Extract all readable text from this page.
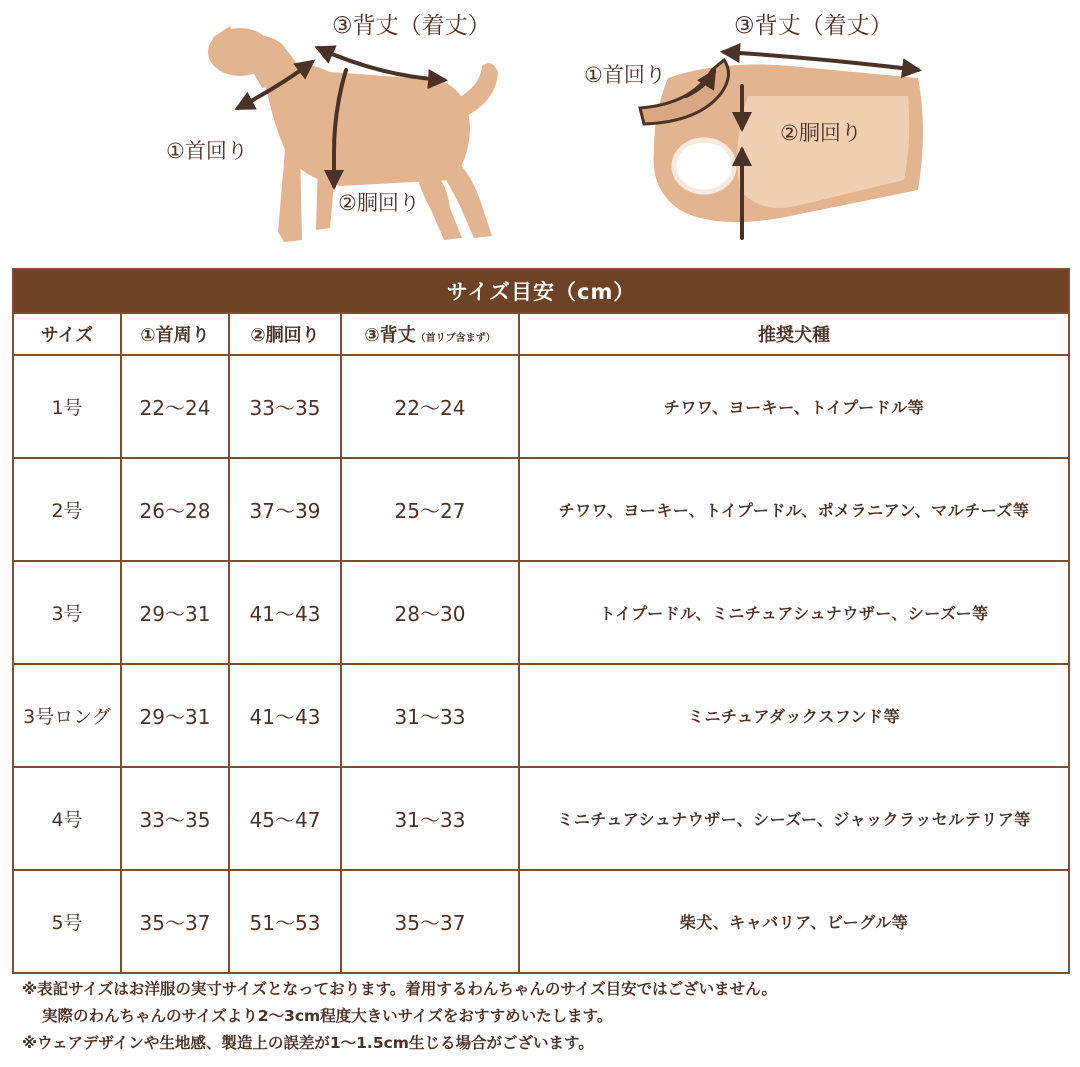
③背丈（着丈）
①首回り
②胴回り
③背丈（着丈）
①首回り
②胴回り
サイズ目安（cm）				
サイズ	①首周り	②胴回り	③背丈（首リブ含まず）	推奨犬種
1号	22～24	33～35	22～24	チワワ、ヨーキー、トイプードル等
2号	26～28	37～39	25～27	チワワ、ヨーキー、トイプードル、ポメラニアン、マルチーズ等
3号	29～31	41～43	28～30	トイプードル、ミニチュアシュナウザー、シーズー等
3号ロング	29～31	41～43	31～33	ミニチュアダックスフンド等
4号	33～35	45～47	31～33	ミニチュアシュナウザー、シーズー、ジャックラッセルテリア等
5号	35～37	51～53	35～37	柴犬、キャバリア、ビーグル等
※表記サイズはお洋服の実寸サイズとなっております。着用するわんちゃんのサイズ目安ではございません。
実際のわんちゃんのサイズより2～3cm程度大きいサイズをおすすめいたします。
※ウェアデザインや生地感、製造上の誤差が1～1.5cm生じる場合がございます。
